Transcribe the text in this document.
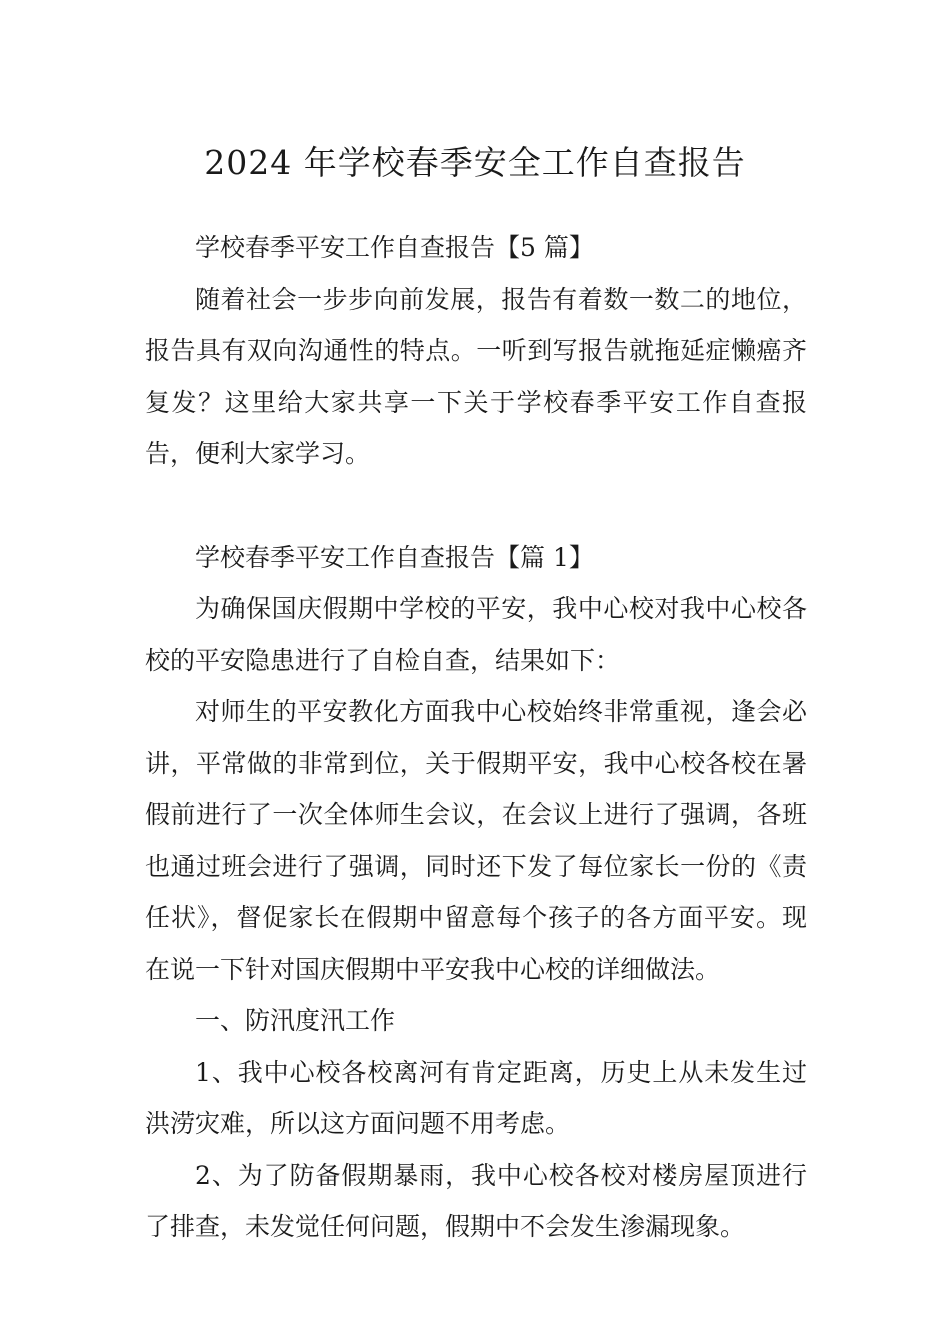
2024 年学校春季安全工作自查报告

学校春季平安工作自查报告【5 篇】

随着社会一步步向前发展，报告有着数一数二的地位，报告具有双向沟通性的特点。一听到写报告就拖延症懒癌齐复发？这里给大家共享一下关于学校春季平安工作自查报告，便利大家学习。

学校春季平安工作自查报告【篇 1】

为确保国庆假期中学校的平安，我中心校对我中心校各校的平安隐患进行了自检自查，结果如下：

对师生的平安教化方面我中心校始终非常重视，逢会必讲，平常做的非常到位，关于假期平安，我中心校各校在暑假前进行了一次全体师生会议，在会议上进行了强调，各班也通过班会进行了强调，同时还下发了每位家长一份的《责任状》，督促家长在假期中留意每个孩子的各方面平安。现在说一下针对国庆假期中平安我中心校的详细做法。

一、防汛度汛工作

1、我中心校各校离河有肯定距离，历史上从未发生过洪涝灾难，所以这方面问题不用考虑。

2、为了防备假期暴雨，我中心校各校对楼房屋顶进行了排查，未发觉任何问题，假期中不会发生渗漏现象。
